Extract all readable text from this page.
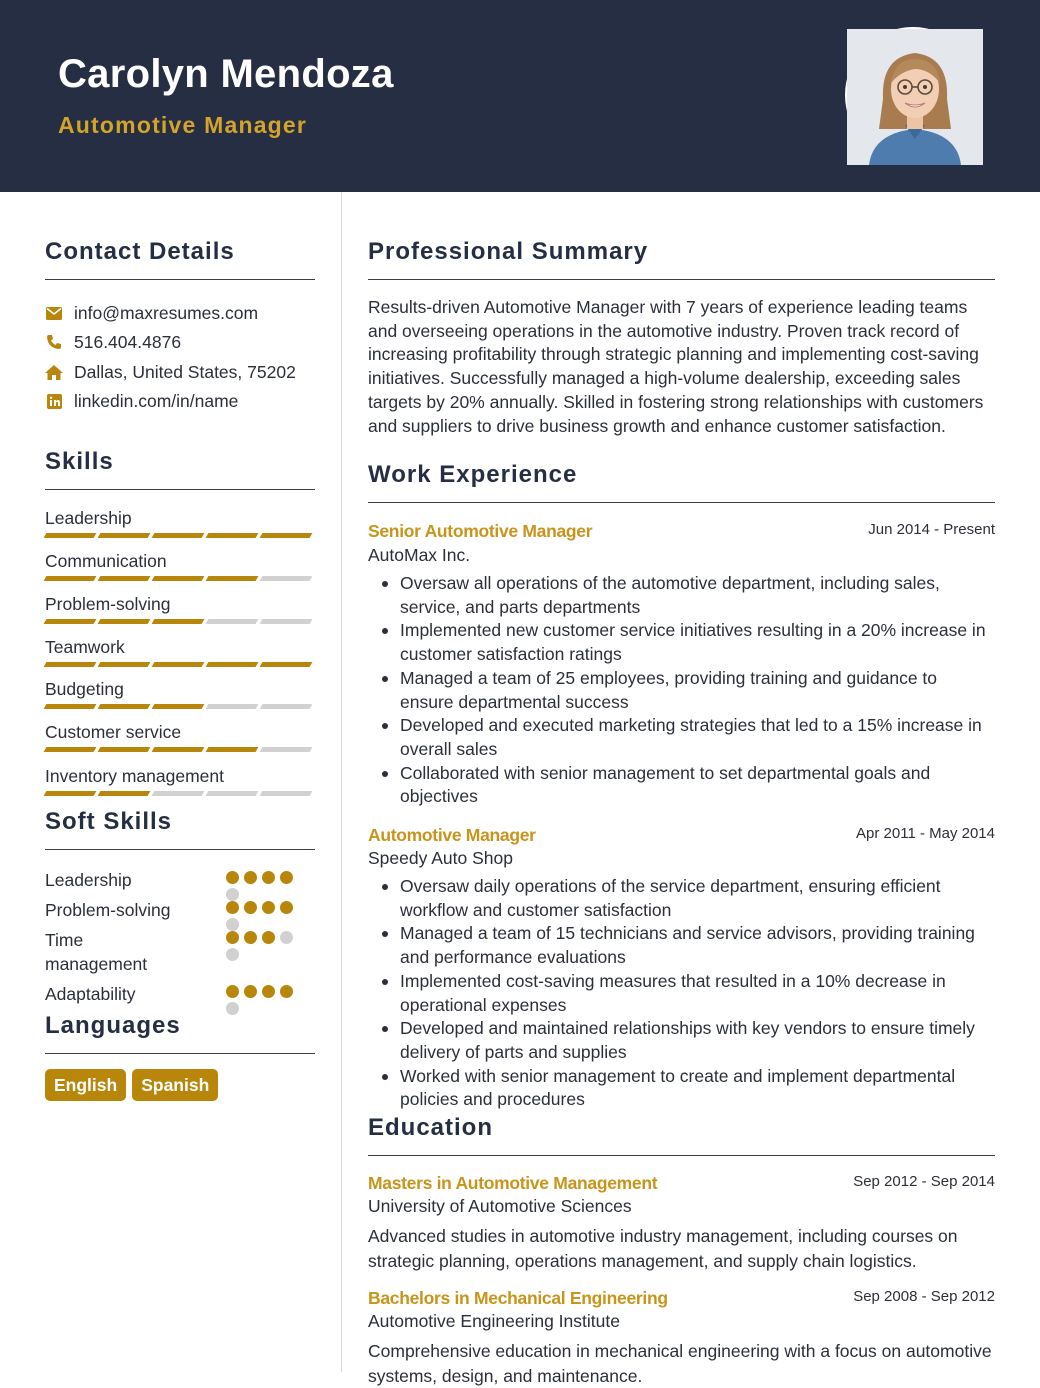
Carolyn Mendoza
Automotive Manager
Contact Details
info@maxresumes.com
516.404.4876
Dallas, United States, 75202
linkedin.com/in/name
Skills
Leadership
Communication
Problem-solving
Teamwork
Budgeting
Customer service
Inventory management
Soft Skills
Leadership
Problem-solving
Time management
Adaptability
Languages
English Spanish
Professional Summary
Results-driven Automotive Manager with 7 years of experience leading teams and overseeing operations in the automotive industry. Proven track record of increasing profitability through strategic planning and implementing cost-saving initiatives. Successfully managed a high-volume dealership, exceeding sales targets by 20% annually. Skilled in fostering strong relationships with customers and suppliers to drive business growth and enhance customer satisfaction.
Work Experience
Senior Automotive Manager	Jun 2014 - Present
AutoMax Inc.
Oversaw all operations of the automotive department, including sales, service, and parts departments
Implemented new customer service initiatives resulting in a 20% increase in customer satisfaction ratings
Managed a team of 25 employees, providing training and guidance to ensure departmental success
Developed and executed marketing strategies that led to a 15% increase in overall sales
Collaborated with senior management to set departmental goals and objectives
Automotive Manager	Apr 2011 - May 2014
Speedy Auto Shop
Oversaw daily operations of the service department, ensuring efficient workflow and customer satisfaction
Managed a team of 15 technicians and service advisors, providing training and performance evaluations
Implemented cost-saving measures that resulted in a 10% decrease in operational expenses
Developed and maintained relationships with key vendors to ensure timely delivery of parts and supplies
Worked with senior management to create and implement departmental policies and procedures
Education
Masters in Automotive Management	Sep 2012 - Sep 2014
University of Automotive Sciences
Advanced studies in automotive industry management, including courses on strategic planning, operations management, and supply chain logistics.
Bachelors in Mechanical Engineering	Sep 2008 - Sep 2012
Automotive Engineering Institute
Comprehensive education in mechanical engineering with a focus on automotive systems, design, and maintenance.
